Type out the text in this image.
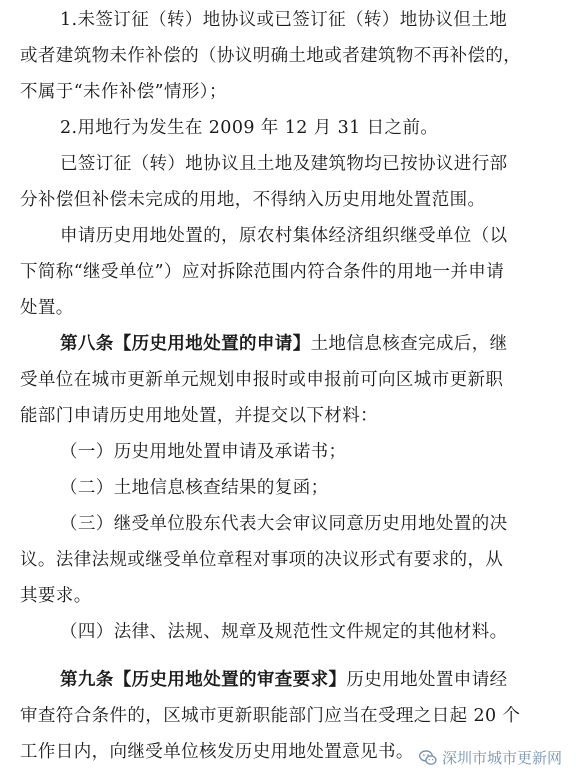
1.未签订征（转）地协议或已签订征（转）地协议但土地
或者建筑物未作补偿的（协议明确土地或者建筑物不再补偿的，
不属于“未作补偿”情形）；
2.用地行为发生在 2009 年 12 月 31 日之前。
已签订征（转）地协议且土地及建筑物均已按协议进行部
分补偿但补偿未完成的用地，不得纳入历史用地处置范围。
申请历史用地处置的，原农村集体经济组织继受单位（以
下简称“继受单位”）应对拆除范围内符合条件的用地一并申请
处置。
第八条【历史用地处置的申请】土地信息核查完成后，继
受单位在城市更新单元规划申报时或申报前可向区城市更新职
能部门申请历史用地处置，并提交以下材料：
（一）历史用地处置申请及承诺书；
（二）土地信息核查结果的复函；
（三）继受单位股东代表大会审议同意历史用地处置的决
议。法律法规或继受单位章程对事项的决议形式有要求的，从
其要求。
（四）法律、法规、规章及规范性文件规定的其他材料。
第九条【历史用地处置的审查要求】历史用地处置申请经
审查符合条件的，区城市更新职能部门应当在受理之日起 20 个
工作日内，向继受单位核发历史用地处置意见书。	深圳市城市更新网
